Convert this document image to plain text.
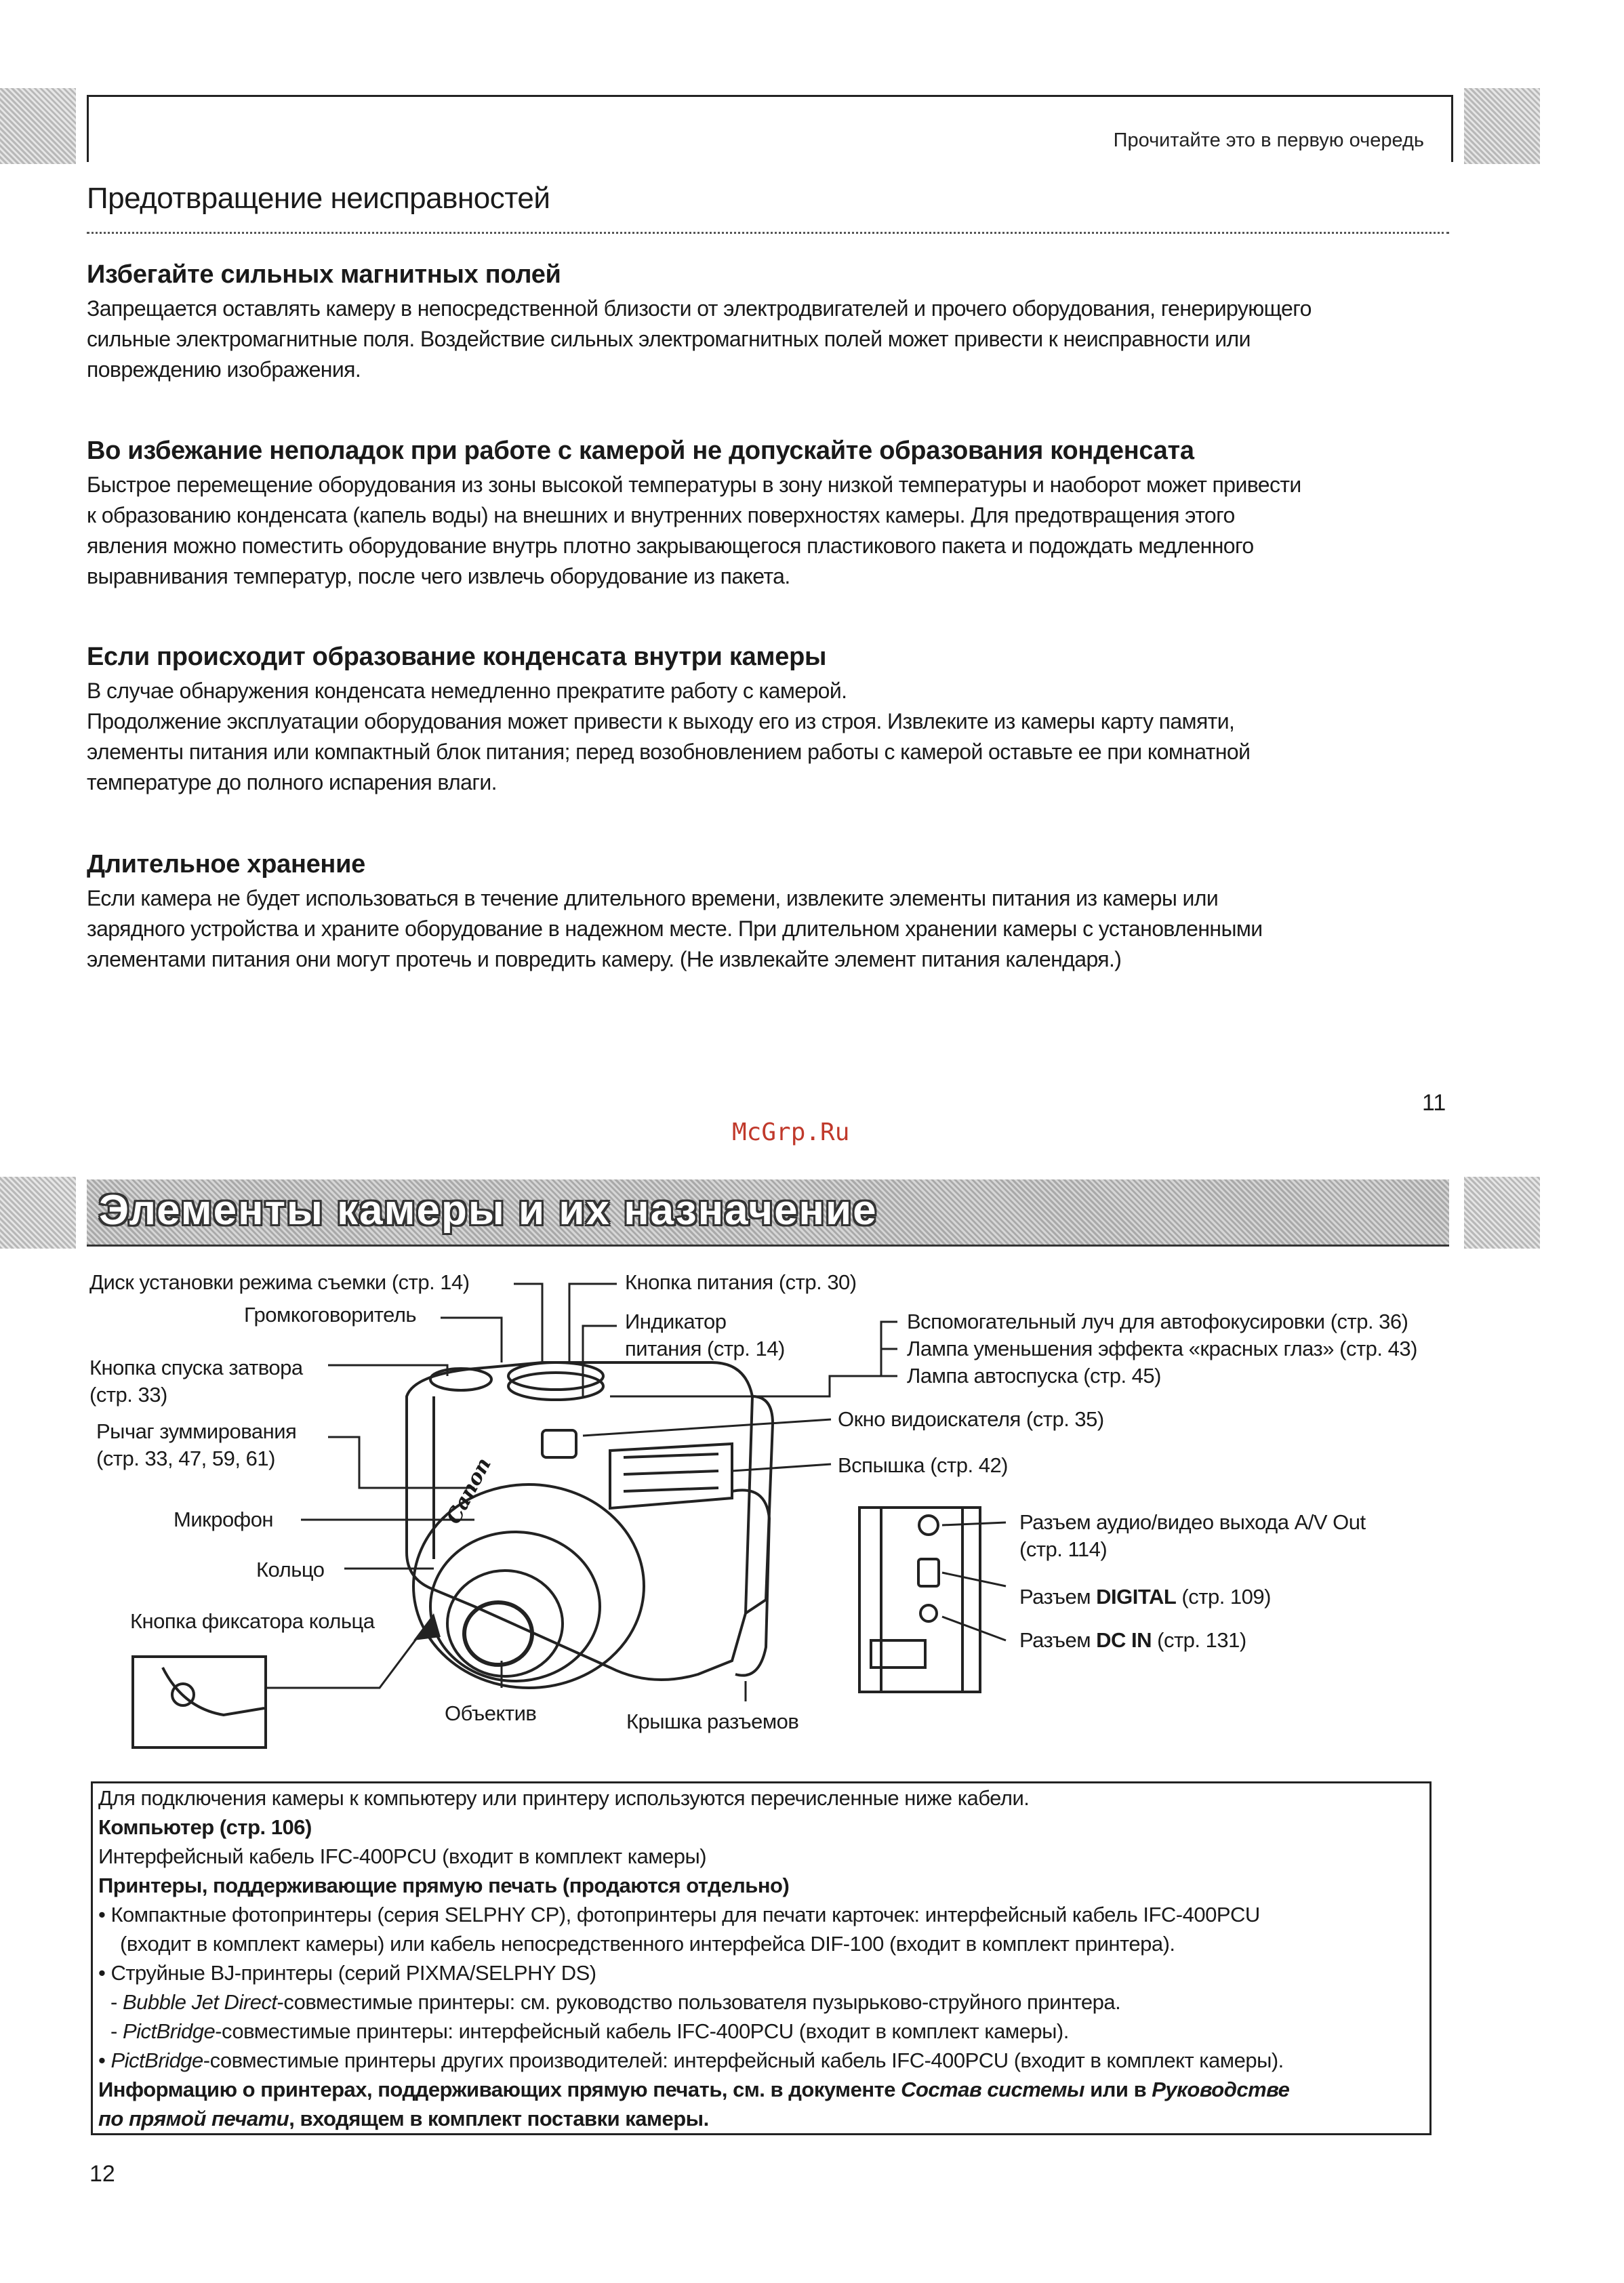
Прочитайте это в первую очередь
Предотвращение неисправностей
Избегайте сильных магнитных полей

Запрещается оставлять камеру в непосредственной близости от электродвигателей и прочего оборудования, генерирующего
сильные электромагнитные поля. Воздействие сильных электромагнитных полей может привести к неисправности или
повреждению изображения.

Во избежание неполадок при работе с камерой не допускайте образования конденсата

Быстрое перемещение оборудования из зоны высокой температуры в зону низкой температуры и наоборот может привести
к образованию конденсата (капель воды) на внешних и внутренних поверхностях камеры. Для предотвращения этого
явления можно поместить оборудование внутрь плотно закрывающегося пластикового пакета и подождать медленного
выравнивания температур, после чего извлечь оборудование из пакета.

Если происходит образование конденсата внутри камеры

В случае обнаружения конденсата немедленно прекратите работу с камерой.
Продолжение эксплуатации оборудования может привести к выходу его из строя. Извлеките из камеры карту памяти,
элементы питания или компактный блок питания; перед возобновлением работы с камерой оставьте ее при комнатной
температуре до полного испарения влаги.

Длительное хранение

Если камера не будет использоваться в течение длительного времени, извлеките элементы питания из камеры или
зарядного устройства и храните оборудование в надежном месте. При длительном хранении камеры с установленными
элементами питания они могут протечь и повредить камеру. (Не извлекайте элемент питания календаря.)

11
McGrp.Ru
Элементы камеры и их назначение
Диск установки режима съемки (стр. 14)
Громкоговоритель
Кнопка спуска затвора
(стр. 33)
Рычаг зуммирования
(стр. 33, 47, 59, 61)
Микрофон
Кольцо
Кнопка фиксатора кольца
Кнопка питания (стр. 30)
Индикатор
питания (стр. 14)
Вспомогательный луч для автофокусировки (стр. 36)
Лампа уменьшения эффекта «красных глаз» (стр. 43)
Лампа автоспуска (стр. 45)
Окно видоискателя (стр. 35)
Вспышка (стр. 42)
Разъем аудио/видео выхода A/V Out
(стр. 114)
Разъем DIGITAL (стр. 109)
Разъем DC IN (стр. 131)
Объектив	Крышка разъемов
Canon
Для подключения камеры к компьютеру или принтеру используются перечисленные ниже кабели.
Компьютер (стр. 106)
Интерфейсный кабель IFC-400PCU (входит в комплект камеры)
Принтеры, поддерживающие прямую печать (продаются отдельно)
• Компактные фотопринтеры (серия SELPHY CP), фотопринтеры для печати карточек: интерфейсный кабель IFC-400PCU
(входит в комплект камеры) или кабель непосредственного интерфейса DIF-100 (входит в комплект принтера).
• Струйные BJ-принтеры (серий PIXMA/SELPHY DS)
- Bubble Jet Direct-совместимые принтеры: см. руководство пользователя пузырьково-струйного принтера.
- PictBridge-совместимые принтеры: интерфейсный кабель IFC-400PCU (входит в комплект камеры).
• PictBridge-совместимые принтеры других производителей: интерфейсный кабель IFC-400PCU (входит в комплект камеры).
Информацию о принтерах, поддерживающих прямую печать, см. в документе Состав системы или в Руководстве
по прямой печати, входящем в комплект поставки камеры.
12
